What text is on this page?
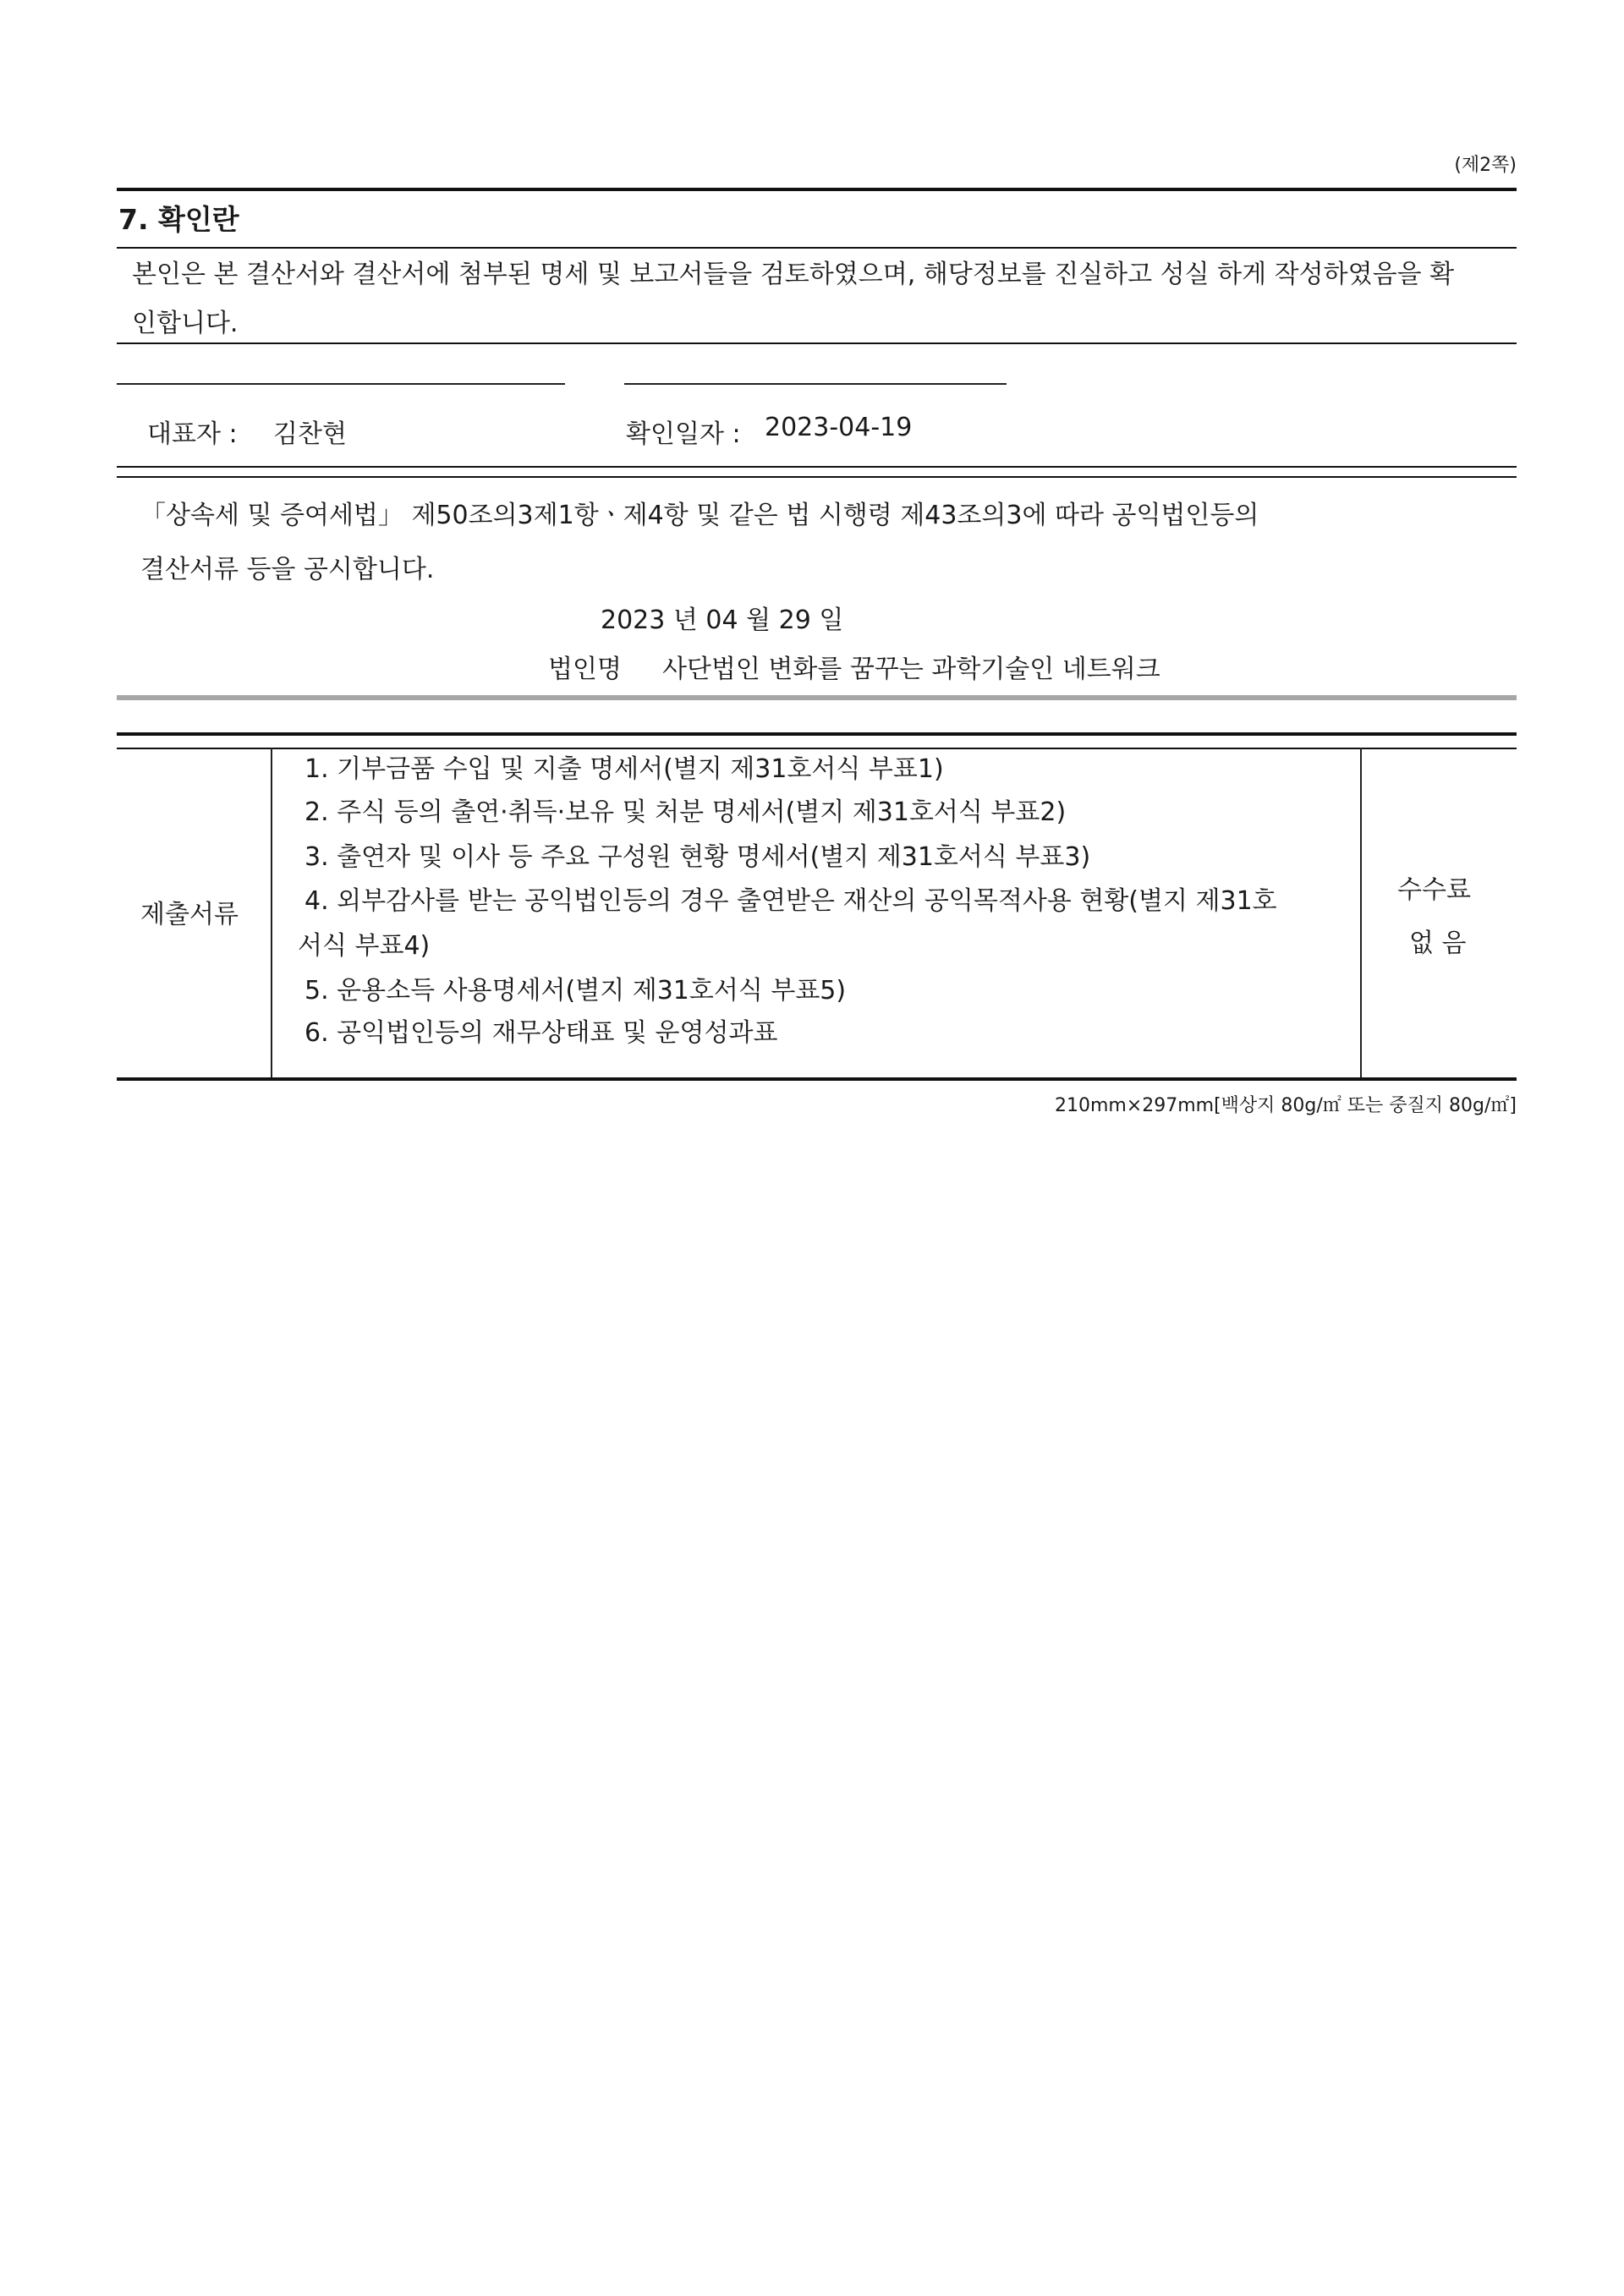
(제2쪽)
7. 확인란
본인은 본 결산서와 결산서에 첨부된 명세 및 보고서들을 검토하였으며, 해당정보를 진실하고 성실 하게 작성하였음을 확
인합니다.
대표자 : 김찬현	확인일자 : 2023-04-19
「상속세 및 증여세법」 제50조의3제1항ㆍ제4항 및 같은 법 시행령 제43조의3에 따라 공익법인등의
결산서류 등을 공시합니다.
2023 년 04 월 29 일
법인명 사단법인 변화를 꿈꾸는 과학기술인 네트워크
제출서류
1. 기부금품 수입 및 지출 명세서(별지 제31호서식 부표1)
2. 주식 등의 출연·취득·보유 및 처분 명세서(별지 제31호서식 부표2)
3. 출연자 및 이사 등 주요 구성원 현황 명세서(별지 제31호서식 부표3)
4. 외부감사를 받는 공익법인등의 경우 출연받은 재산의 공익목적사용 현황(별지 제31호
서식 부표4)
5. 운용소득 사용명세서(별지 제31호서식 부표5)
6. 공익법인등의 재무상태표 및 운영성과표
수수료
없 음
210mm×297mm[백상지 80g/㎡ 또는 중질지 80g/㎡]
